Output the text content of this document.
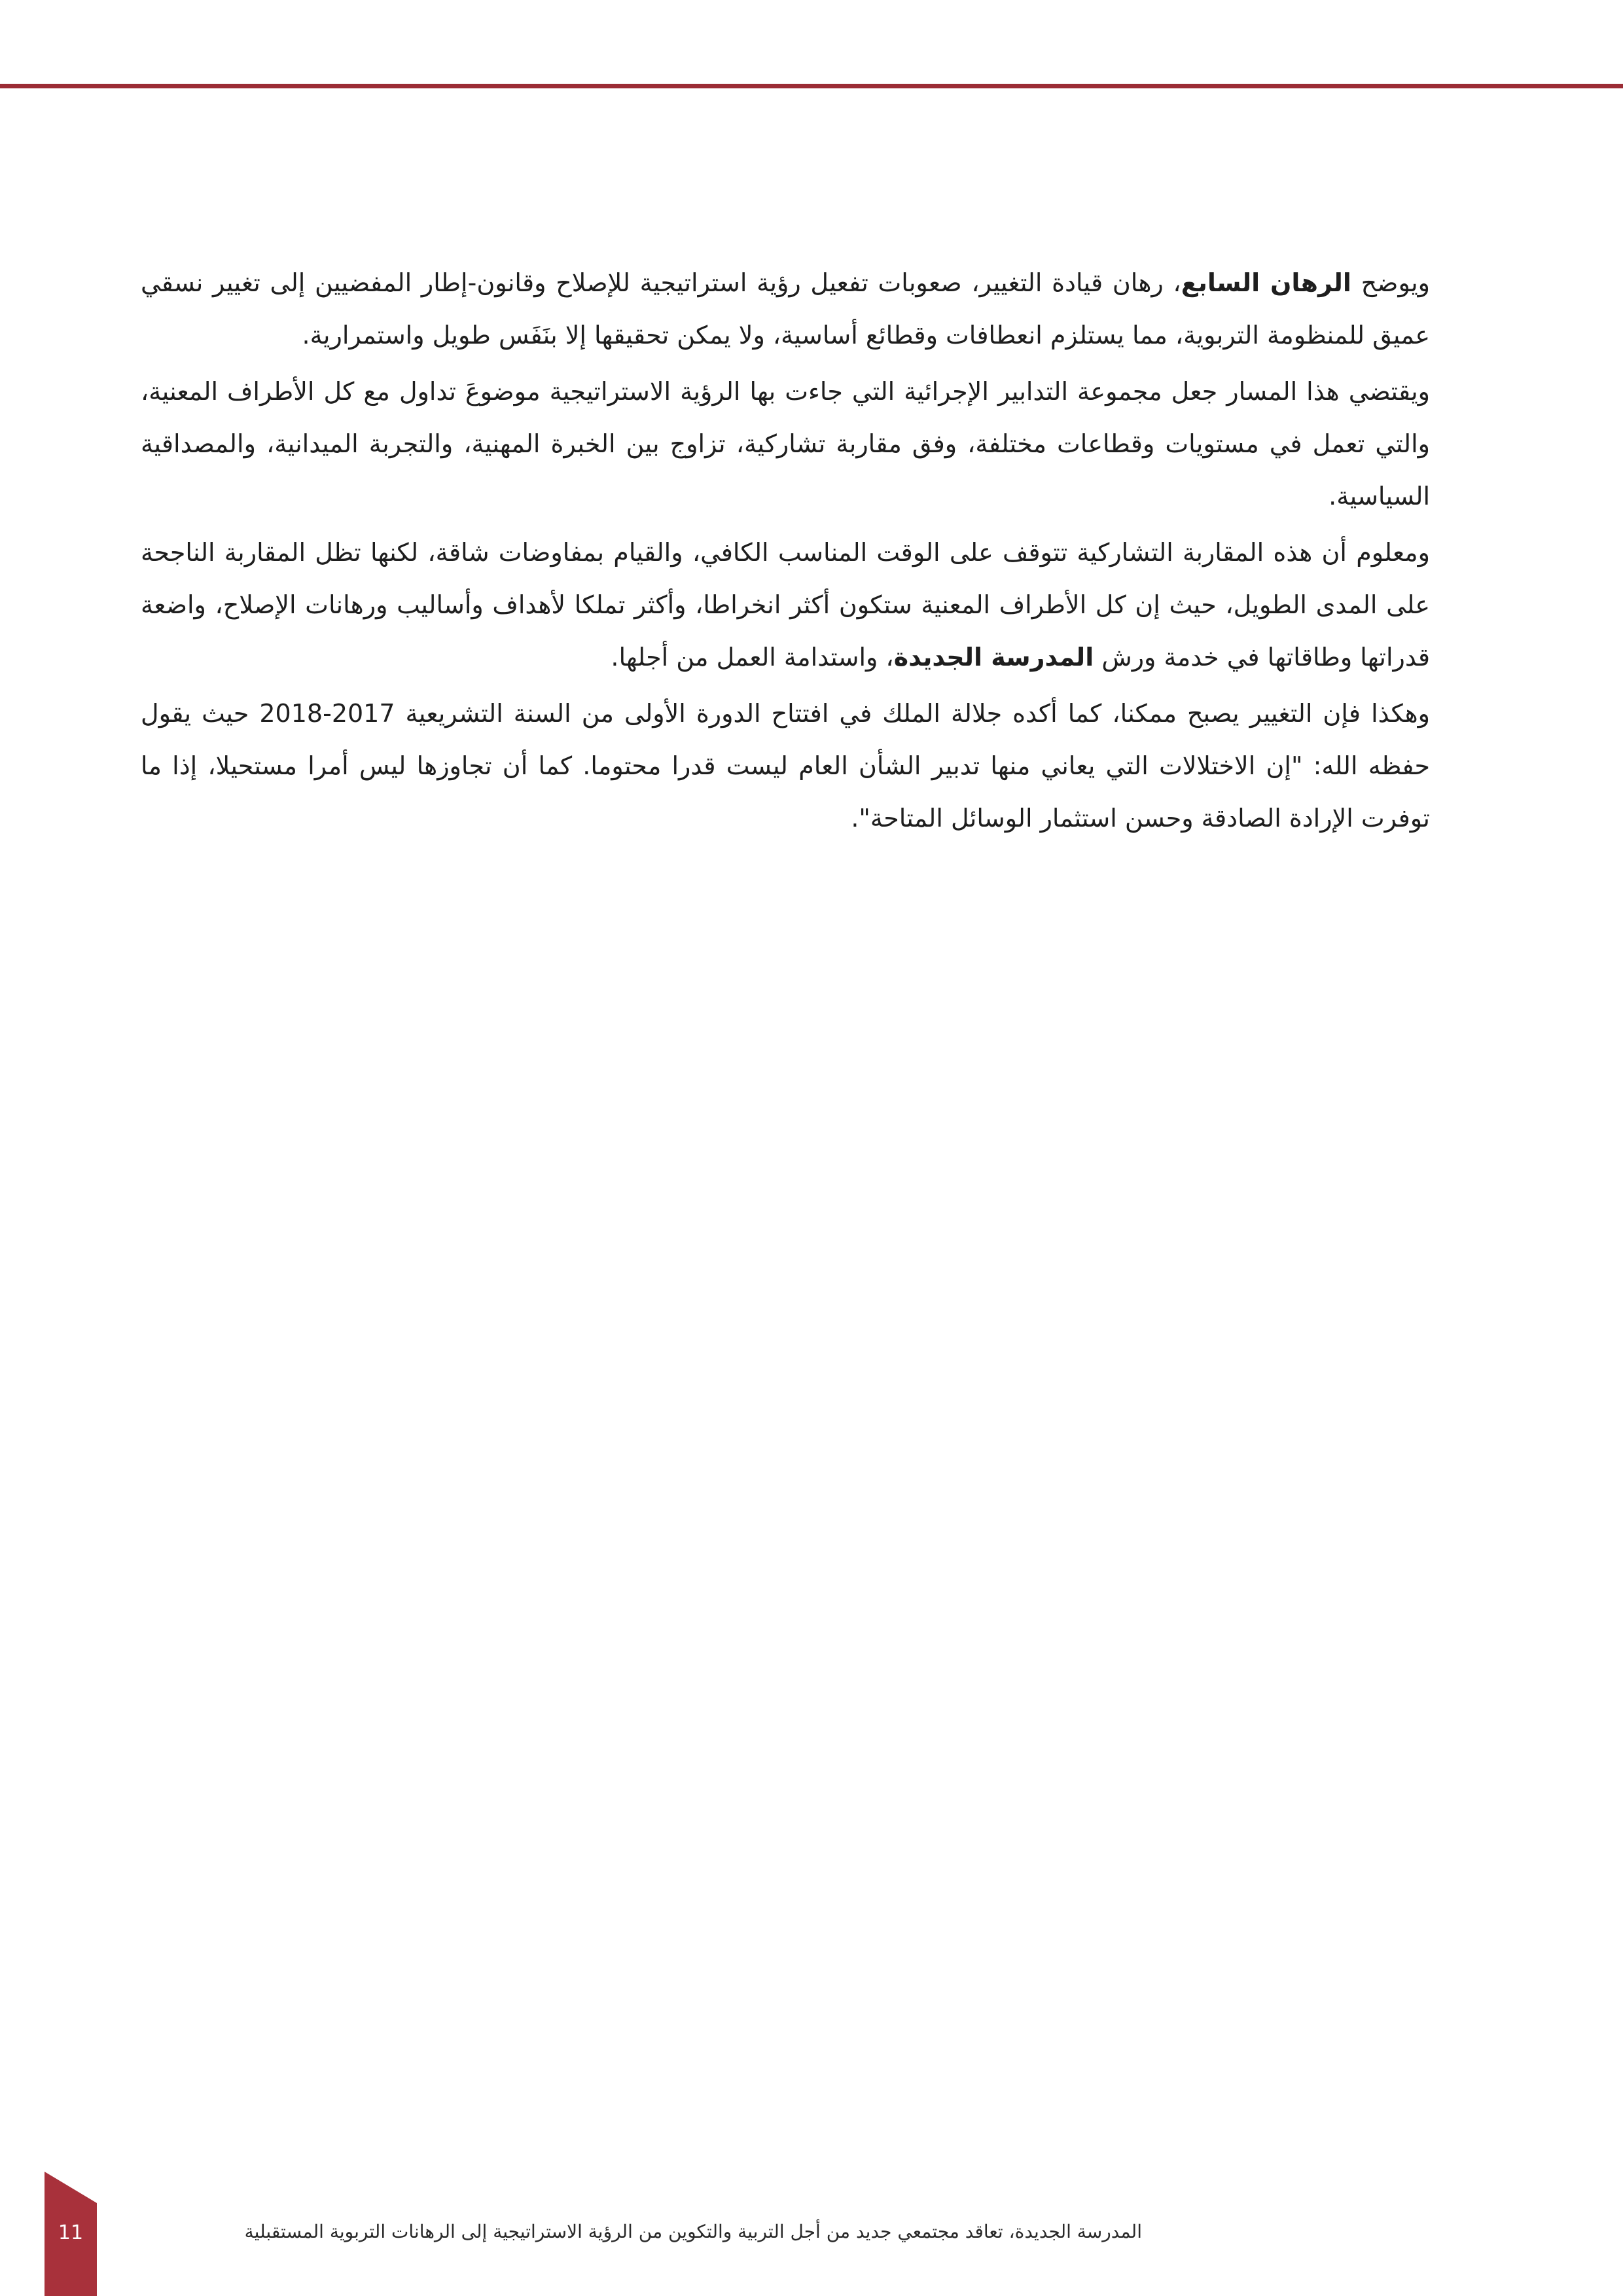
ويوضح الرهان السابع، رهان قيادة التغيير، صعوبات تفعيل رؤية استراتيجية للإصلاح وقانون-إطار المفضيين إلى تغيير نسقي عميق للمنظومة التربوية، مما يستلزم انعطافات وقطائع أساسية، ولا يمكن تحقيقها إلا بنَفَس طويل واستمرارية.

ويقتضي هذا المسار جعل مجموعة التدابير الإجرائية التي جاءت بها الرؤية الاستراتيجية موضوعَ تداول مع كل الأطراف المعنية، والتي تعمل في مستويات وقطاعات مختلفة، وفق مقاربة تشاركية، تزاوج بين الخبرة المهنية، والتجربة الميدانية، والمصداقية السياسية.

ومعلوم أن هذه المقاربة التشاركية تتوقف على الوقت المناسب الكافي، والقيام بمفاوضات شاقة، لكنها تظل المقاربة الناجحة على المدى الطويل، حيث إن كل الأطراف المعنية ستكون أكثر انخراطا، وأكثر تملكا لأهداف وأساليب ورهانات الإصلاح، واضعة قدراتها وطاقاتها في خدمة ورش المدرسة الجديدة، واستدامة العمل من أجلها.

وهكذا فإن التغيير يصبح ممكنا، كما أكده جلالة الملك في افتتاح الدورة الأولى من السنة التشريعية 2017-2018 حيث يقول حفظه الله: "إن الاختلالات التي يعاني منها تدبير الشأن العام ليست قدرا محتوما. كما أن تجاوزها ليس أمرا مستحيلا، إذا ما توفرت الإرادة الصادقة وحسن استثمار الوسائل المتاحة".

11	المدرسة الجديدة، تعاقد مجتمعي جديد من أجل التربية والتكوين من الرؤية الاستراتيجية إلى الرهانات التربوية المستقبلية
